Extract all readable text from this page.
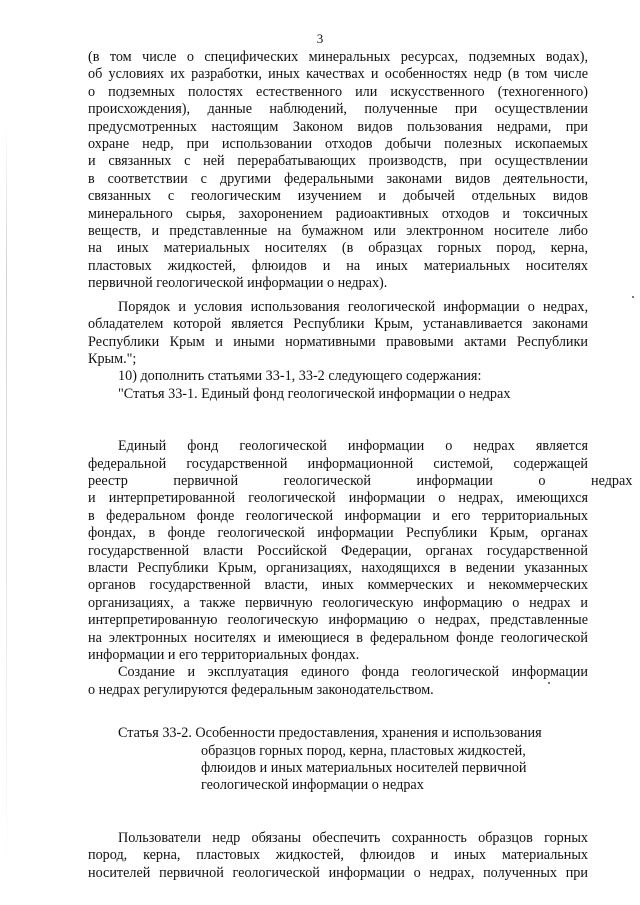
3
(в том числе о специфических минеральных ресурсах, подземных водах),
об условиях их разработки, иных качествах и особенностях недр (в том числе
о подземных полостях естественного или искусственного (техногенного)
происхождения), данные наблюдений, полученные при осуществлении
предусмотренных настоящим Законом видов пользования недрами, при
охране недр, при использовании отходов добычи полезных ископаемых
и связанных с ней перерабатывающих производств, при осуществлении
в соответствии с другими федеральными законами видов деятельности,
связанных с геологическим изучением и добычей отдельных видов
минерального сырья, захоронением радиоактивных отходов и токсичных
веществ, и представленные на бумажном или электронном носителе либо
на иных материальных носителях (в образцах горных пород, керна,
пластовых жидкостей, флюидов и на иных материальных носителях
первичной геологической информации о недрах).
Порядок и условия использования геологической информации о недрах,
обладателем которой является Республики Крым, устанавливается законами
Республики Крым и иными нормативными правовыми актами Республики
Крым.";
10) дополнить статьями 33-1, 33-2 следующего содержания:
"Статья 33-1. Единый фонд геологической информации о недрах
Единый фонд геологической информации о недрах является
федеральной государственной информационной системой, содержащей
реестр первичной геологической информации о недрах
и интерпретированной геологической информации о недрах, имеющихся
в федеральном фонде геологической информации и его территориальных
фондах, в фонде геологической информации Республики Крым, органах
государственной власти Российской Федерации, органах государственной
власти Республики Крым, организациях, находящихся в ведении указанных
органов государственной власти, иных коммерческих и некоммерческих
организациях, а также первичную геологическую информацию о недрах и
интерпретированную геологическую информацию о недрах, представленные
на электронных носителях и имеющиеся в федеральном фонде геологической
информации и его территориальных фондах.
Создание и эксплуатация единого фонда геологической информации
о недрах регулируются федеральным законодательством.
Статья 33-2. Особенности предоставления, хранения и использования
образцов горных пород, керна, пластовых жидкостей,
флюидов и иных материальных носителей первичной
геологической информации о недрах
Пользователи недр обязаны обеспечить сохранность образцов горных
пород, керна, пластовых жидкостей, флюидов и иных материальных
носителей первичной геологической информации о недрах, полученных при
